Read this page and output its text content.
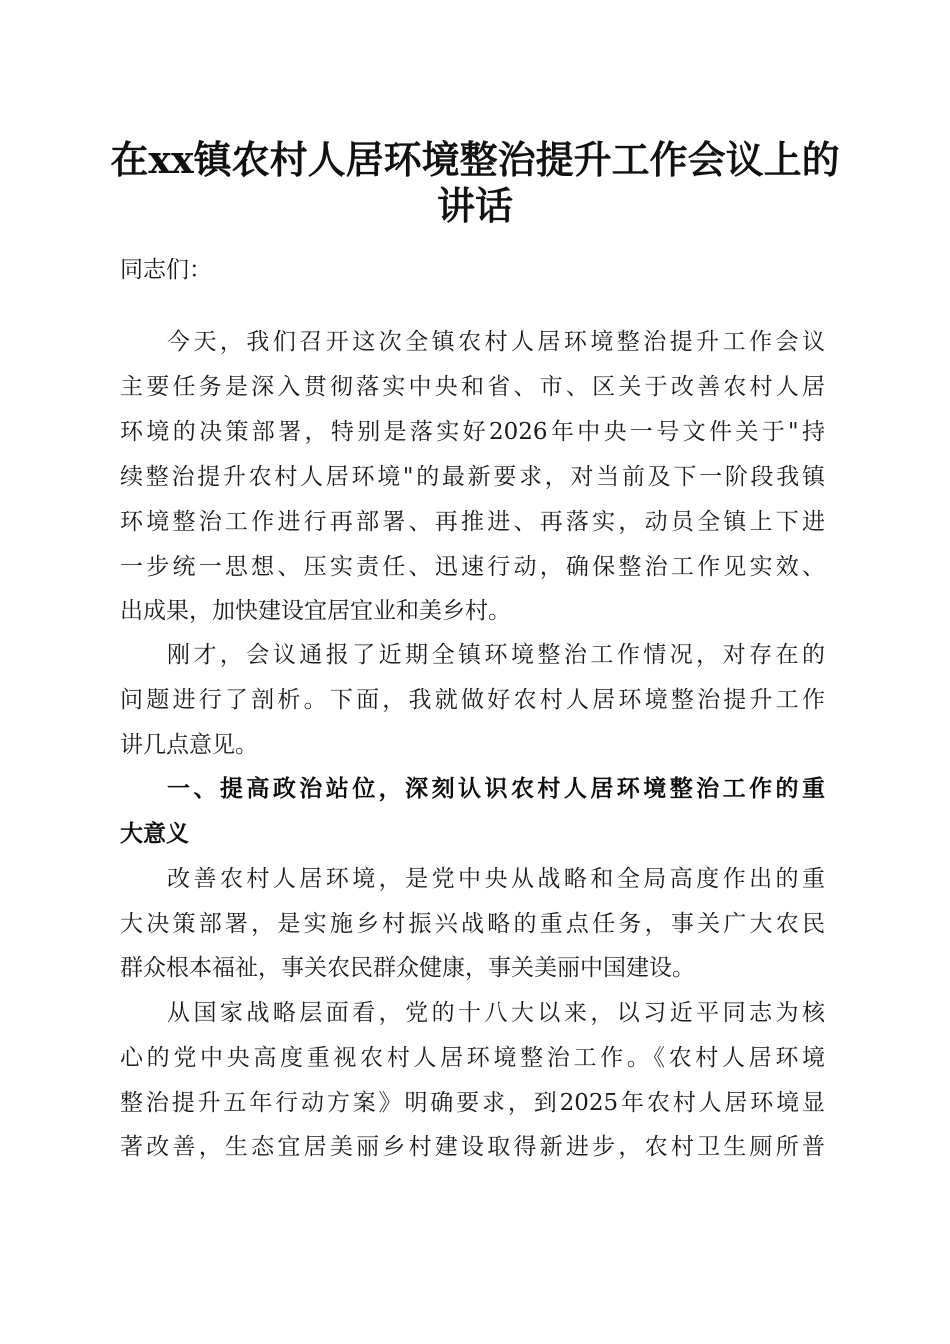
在xx镇农村人居环境整治提升工作会议上的
讲话

同志们：

今天，我们召开这次全镇农村人居环境整治提升工作会议

主要任务是深入贯彻落实中央和省、市、区关于改善农村人居

环境的决策部署，特别是落实好2026年中央一号文件关于"持

续整治提升农村人居环境"的最新要求，对当前及下一阶段我镇

环境整治工作进行再部署、再推进、再落实，动员全镇上下进

一步统一思想、压实责任、迅速行动，确保整治工作见实效、

出成果，加快建设宜居宜业和美乡村。

刚才，会议通报了近期全镇环境整治工作情况，对存在的

问题进行了剖析。下面，我就做好农村人居环境整治提升工作

讲几点意见。

一、提高政治站位，深刻认识农村人居环境整治工作的重

大意义

改善农村人居环境，是党中央从战略和全局高度作出的重

大决策部署，是实施乡村振兴战略的重点任务，事关广大农民

群众根本福祉，事关农民群众健康，事关美丽中国建设。

从国家战略层面看，党的十八大以来，以习近平同志为核

心的党中央高度重视农村人居环境整治工作。《农村人居环境

整治提升五年行动方案》明确要求，到2025年农村人居环境显

著改善，生态宜居美丽乡村建设取得新进步，农村卫生厕所普
